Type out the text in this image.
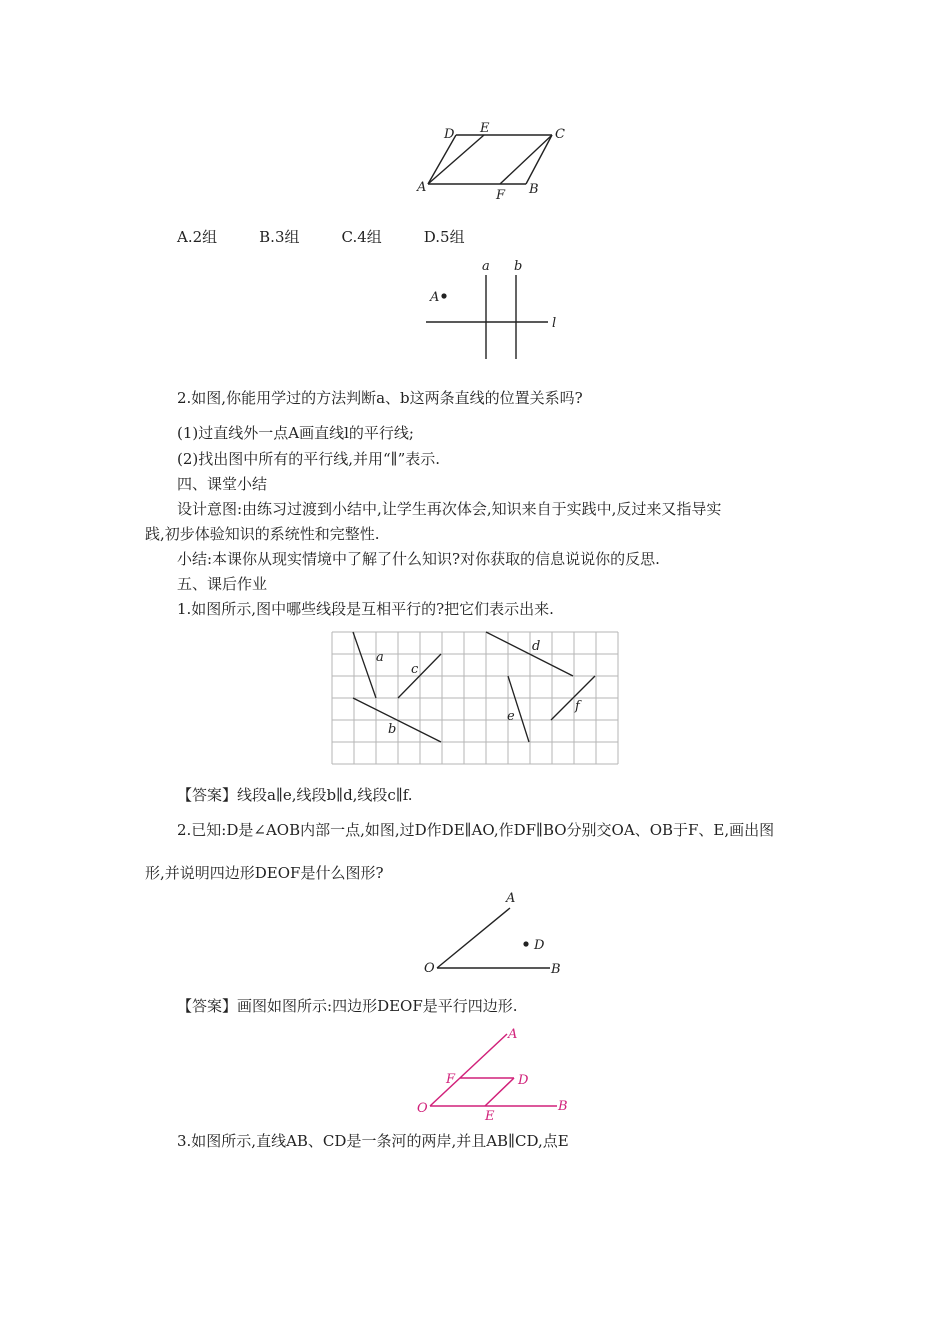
D E	C
A
F B
A.2组	B.3组	C.4组	D.5组
a b
A
l
2.如图,你能用学过的方法判断a、b这两条直线的位置关系吗?
(1)过直线外一点A画直线l的平行线;
(2)找出图中所有的平行线,并用“∥”表示.
四、课堂小结
设计意图:由练习过渡到小结中,让学生再次体会,知识来自于实践中,反过来又指导实
践,初步体验知识的系统性和完整性.
小结:本课你从现实情境中了解了什么知识?对你获取的信息说说你的反思.
五、课后作业
1.如图所示,图中哪些线段是互相平行的?把它们表示出来.
a
c
b
d
e
f
【答案】线段a∥e,线段b∥d,线段c∥f.
2.已知:D是∠AOB内部一点,如图,过D作DE∥AO,作DF∥BO分别交OA、OB于F、E,画出图
形,并说明四边形DEOF是什么图形?
A
D
O	B
【答案】画图如图所示:四边形DEOF是平行四边形.
A
F	D
O
E
B
3.如图所示,直线AB、CD是一条河的两岸,并且AB∥CD,点E
